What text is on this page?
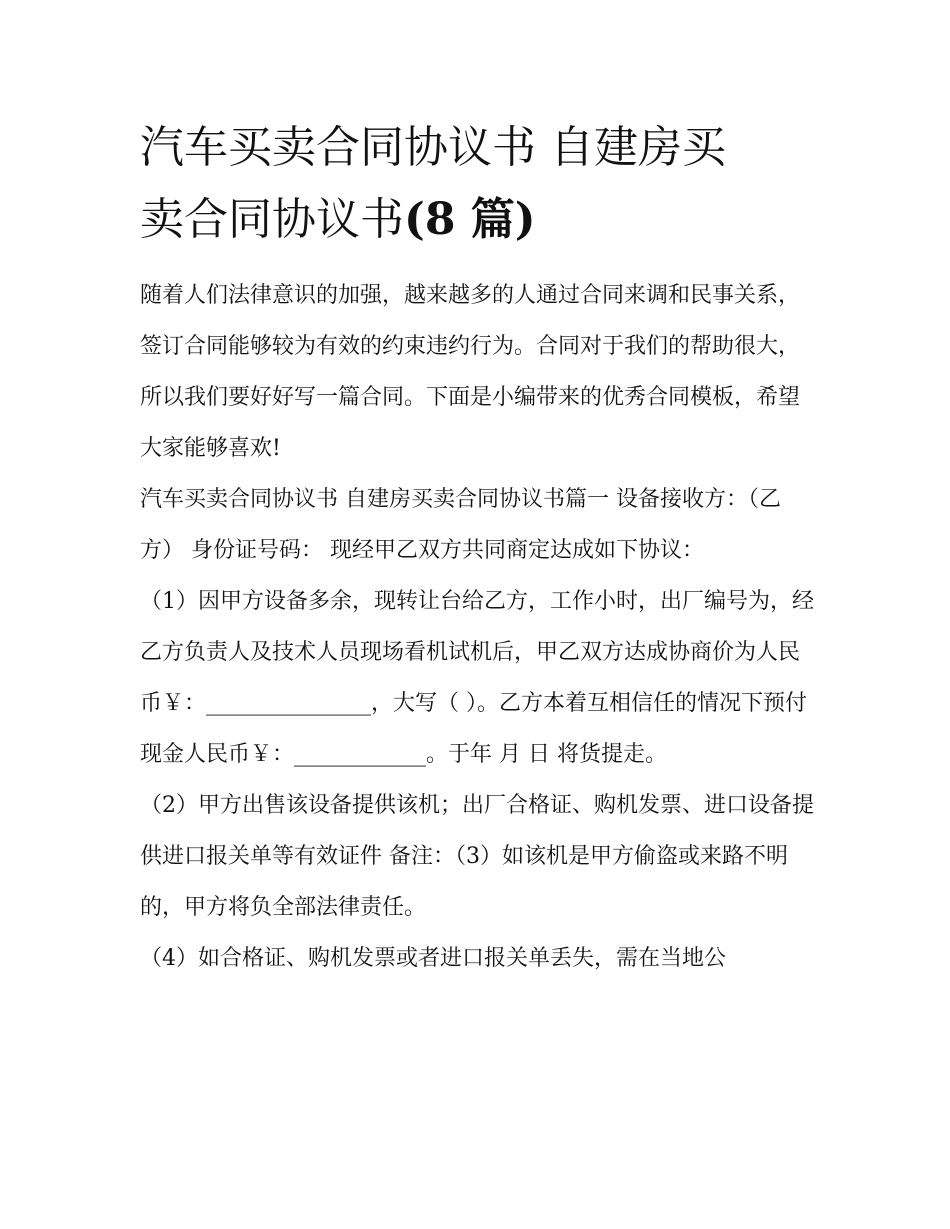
汽车买卖合同协议书 自建房买
卖合同协议书(8 篇)

随着人们法律意识的加强，越来越多的人通过合同来调和民事关系，签订合同能够较为有效的约束违约行为。合同对于我们的帮助很大，所以我们要好好写一篇合同。下面是小编带来的优秀合同模板，希望大家能够喜欢!

汽车买卖合同协议书 自建房买卖合同协议书篇一 设备接收方：（乙方） 身份证号码： 现经甲乙双方共同商定达成如下协议：

（1）因甲方设备多余，现转让台给乙方，工作小时，出厂编号为，经乙方负责人及技术人员现场看机试机后，甲乙双方达成协商价为人民币￥：_______________，大写（ ）。乙方本着互相信任的情况下预付现金人民币￥：____________。于年 月 日 将货提走。

（2）甲方出售该设备提供该机；出厂合格证、购机发票、进口设备提供进口报关单等有效证件 备注：（3）如该机是甲方偷盗或来路不明的，甲方将负全部法律责任。

（4）如合格证、购机发票或者进口报关单丢失，需在当地公
